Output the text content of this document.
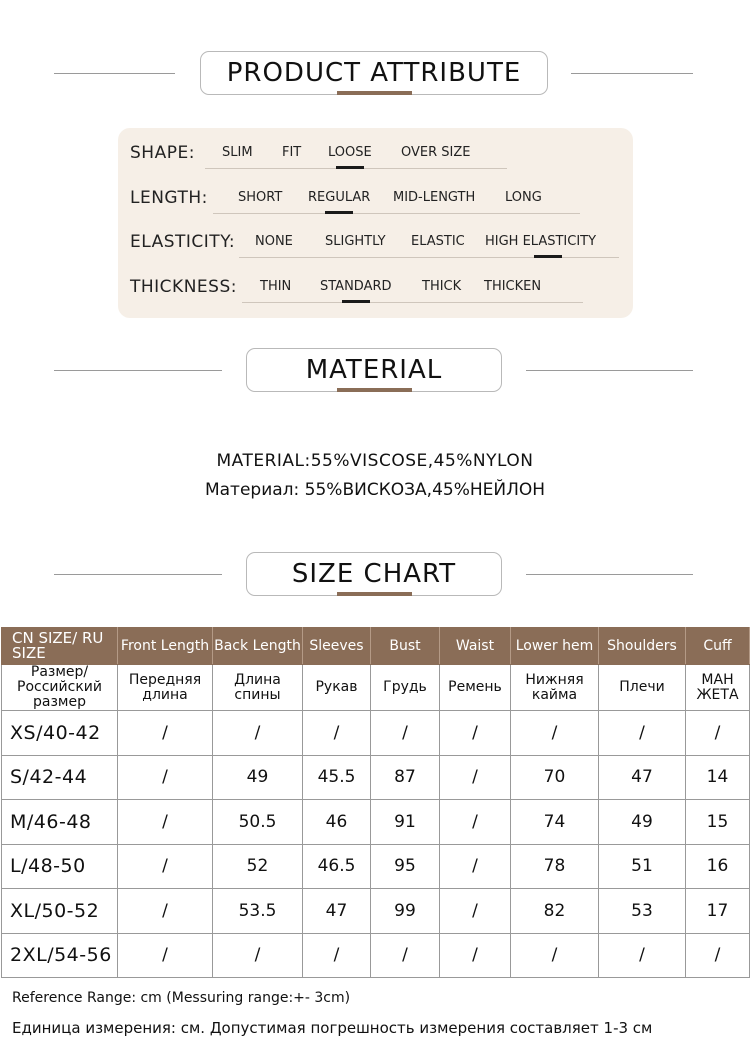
PRODUCT ATTRIBUTE
SHAPE: SLIM FIT LOOSE OVER SIZE
LENGTH: SHORT REGULAR MID-LENGTH LONG
ELASTICITY: NONE SLIGHTLY ELASTIC HIGH ELASTICITY
THICKNESS: THIN STANDARD THICK THICKEN
MATERIAL
MATERIAL:55%VISCOSE,45%NYLON
Материал: 55%ВИСКОЗА,45%НЕЙЛОН
SIZE CHART
CN SIZE/ RU SIZE	Front Length	Back Length	Sleeves	Bust	Waist	Lower hem	Shoulders	Cuff
Размер/ Российский размер	Передняя длина	Длина спины	Рукав	Грудь	Ремень	Нижняя кайма	Плечи	МАН ЖЕТА
XS/40-42	/	/	/	/	/	/	/	/
S/42-44	/	49	45.5	87	/	70	47	14
M/46-48	/	50.5	46	91	/	74	49	15
L/48-50	/	52	46.5	95	/	78	51	16
XL/50-52	/	53.5	47	99	/	82	53	17
2XL/54-56	/	/	/	/	/	/	/	/
Reference Range: cm (Messuring range:+- 3cm)
Единица измерения: см. Допустимая погрешность измерения составляет 1-3 см
